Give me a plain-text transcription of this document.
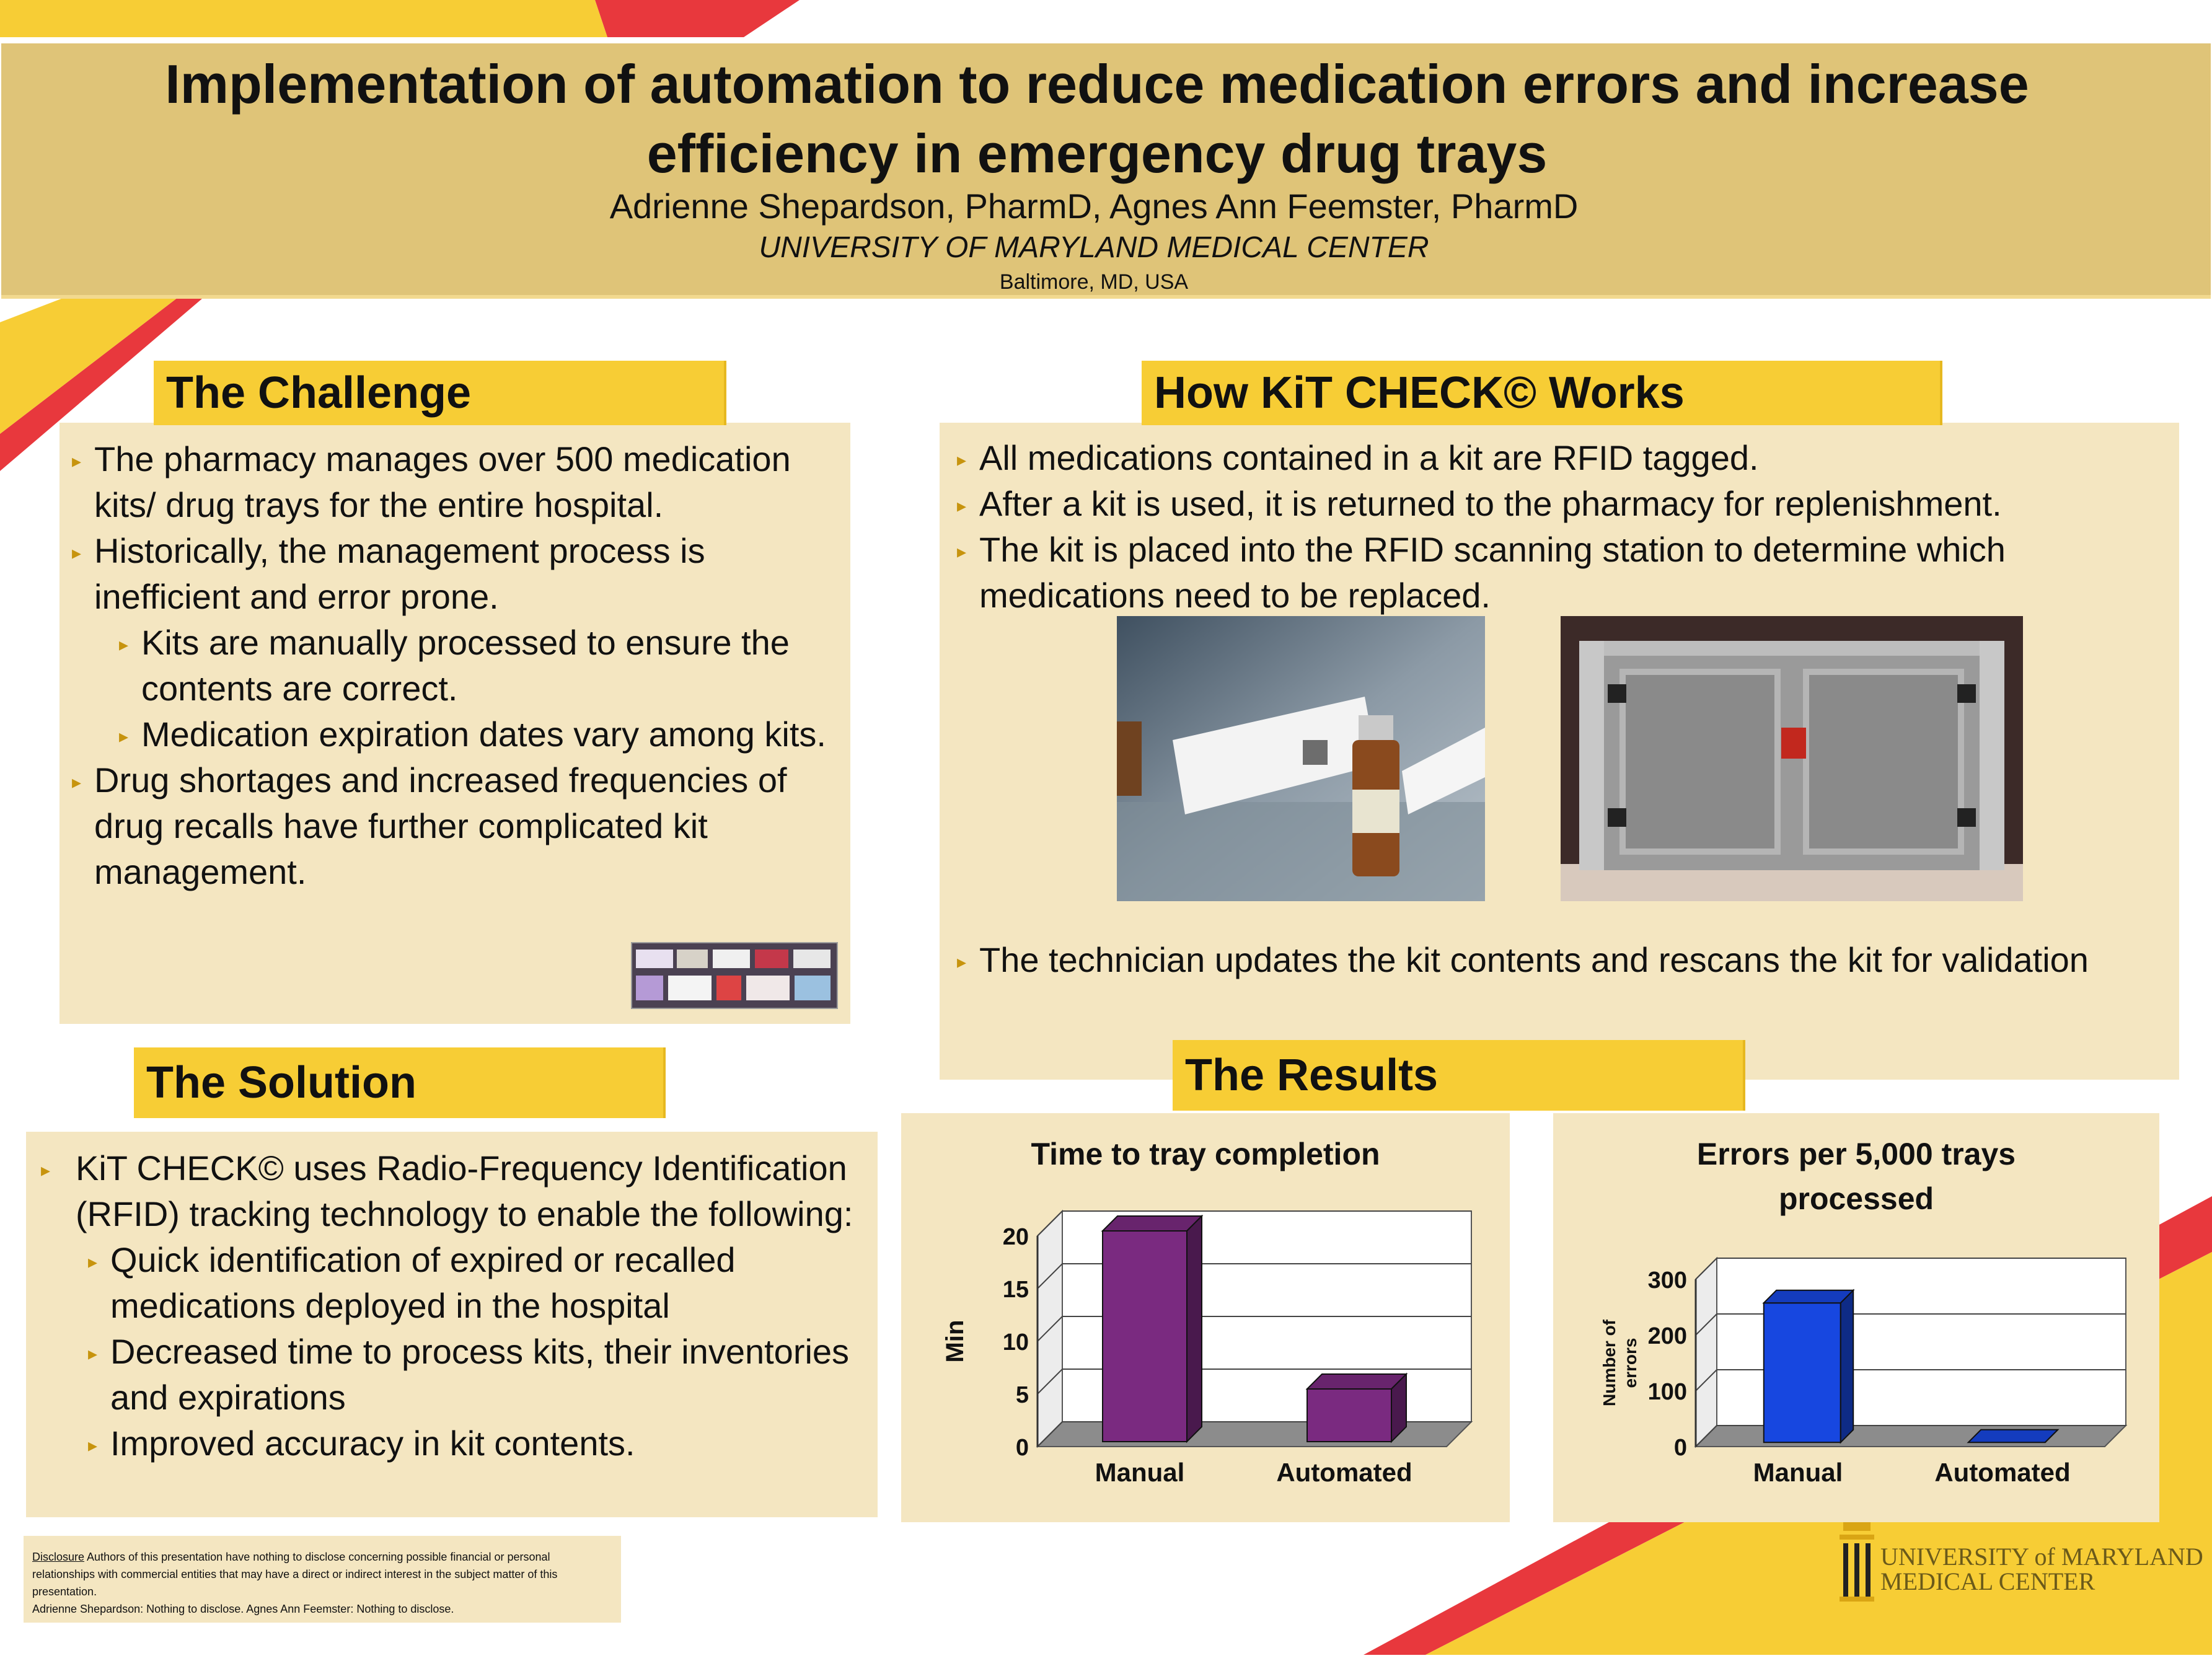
Implementation of automation to reduce medication errors and increase efficiency in emergency drug trays
Adrienne Shepardson, PharmD, Agnes Ann Feemster, PharmD
UNIVERSITY OF MARYLAND MEDICAL CENTER
Baltimore, MD, USA
▸ The pharmacy manages over 500 medication kits/ drug trays for the entire hospital.
▸ Historically, the management process is inefficient and error prone.
▸ Kits are manually processed to ensure the contents are correct.
▸ Medication expiration dates vary among kits.
▸ Drug shortages and increased frequencies of drug recalls have further complicated kit management.
The Challenge
▸ KiT CHECK© uses Radio-Frequency Identification (RFID) tracking technology to enable the following:
▸ Quick identification of expired or recalled medications deployed in the hospital
▸ Decreased time to process kits, their inventories and expirations
▸ Improved accuracy in kit contents.
The Solution
▸ All medications contained in a kit are RFID tagged.
▸ After a kit is used, it is returned to the pharmacy for replenishment.
▸ The kit is placed into the RFID scanning station to determine which medications need to be replaced.
▸ The technician updates the kit contents and rescans the kit for validation
How KiT CHECK© Works
The Results
Time to tray completion
0
5
10
15
20
Manual	Automated
Min
Errors per 5,000 trays processed
0
100
200
300
Manual	Automated
Number of errors
Disclosure Authors of this presentation have nothing to disclose concerning possible financial or personal relationships with commercial entities that may have a direct or indirect interest in the subject matter of this presentation.
Adrienne Shepardson: Nothing to disclose. Agnes Ann Feemster: Nothing to disclose.
UNIVERSITY of MARYLAND
MEDICAL CENTER
